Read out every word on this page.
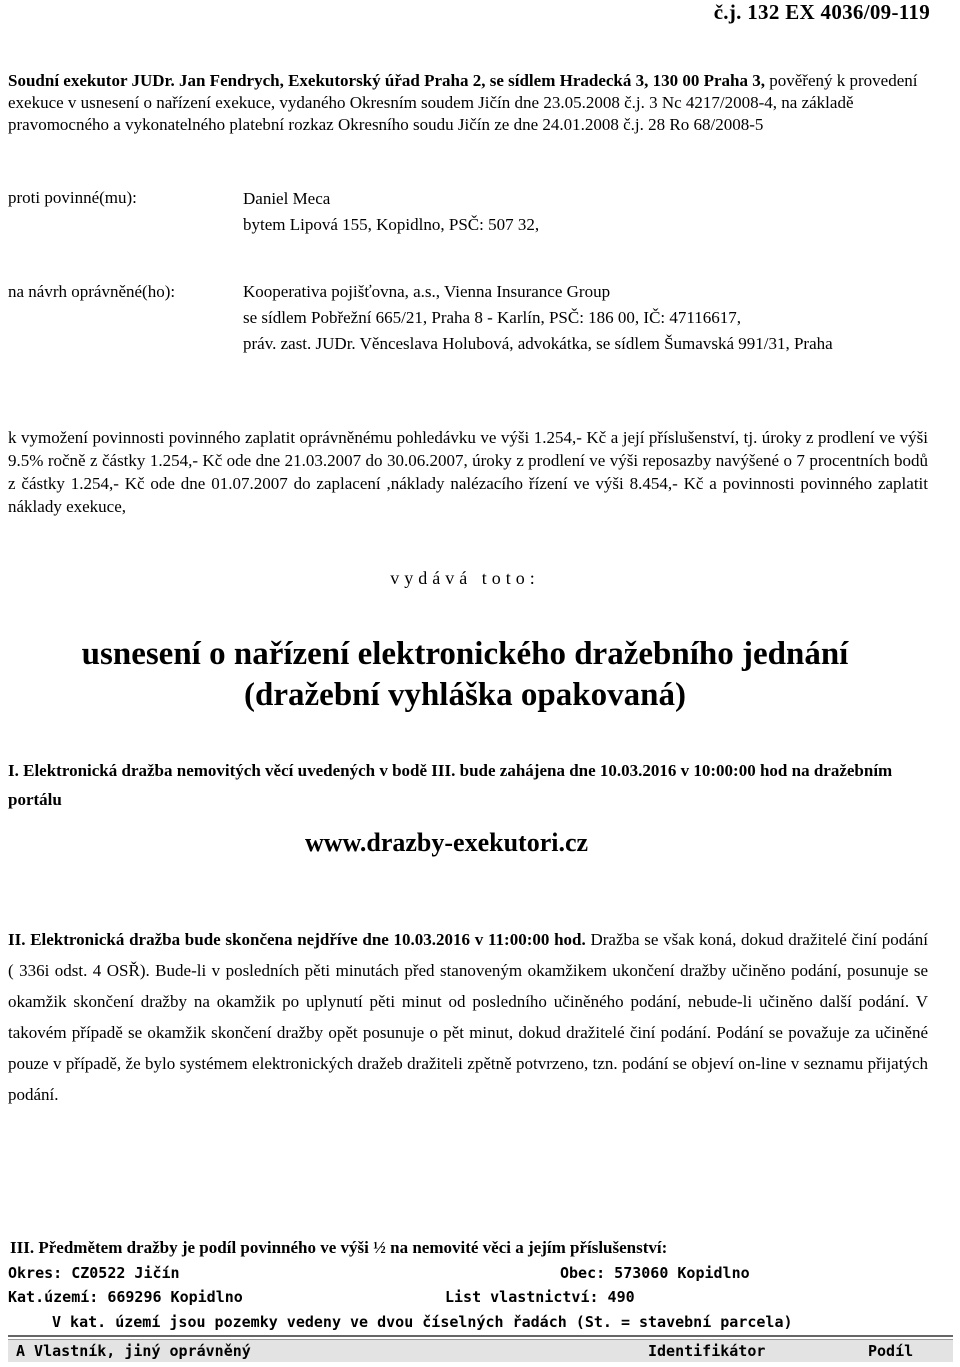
č.j. 132 EX 4036/09-119
Soudní exekutor JUDr. Jan Fendrych, Exekutorský úřad Praha 2, se sídlem Hradecká 3, 130 00 Praha 3, pověřený k provedení exekuce v usnesení o nařízení exekuce, vydaného Okresním soudem Jičín dne 23.05.2008 č.j. 3 Nc 4217/2008-4, na základě pravomocného a vykonatelného platební rozkaz Okresního soudu Jičín ze dne 24.01.2008 č.j. 28 Ro 68/2008-5
proti povinné(mu):	Daniel Meca
bytem Lipová 155, Kopidlno, PSČ: 507 32,
na návrh oprávněné(ho):	Kooperativa pojišťovna, a.s., Vienna Insurance Group
se sídlem Pobřežní 665/21, Praha 8 - Karlín, PSČ: 186 00, IČ: 47116617,
práv. zast. JUDr. Věnceslava Holubová, advokátka, se sídlem Šumavská 991/31, Praha
k vymožení povinnosti povinného zaplatit oprávněnému pohledávku ve výši 1.254,- Kč a její příslušenství, tj. úroky z prodlení ve výši 9.5% ročně z částky 1.254,- Kč ode dne 21.03.2007 do 30.06.2007, úroky z prodlení ve výši reposazby navýšené o 7 procentních bodů z částky 1.254,- Kč ode dne 01.07.2007 do zaplacení ,náklady nalézacího řízení ve výši 8.454,- Kč a povinnosti povinného zaplatit náklady exekuce,
vydává toto:
usnesení o nařízení elektronického dražebního jednání
(dražební vyhláška opakovaná)
I. Elektronická dražba nemovitých věcí uvedených v bodě III. bude zahájena dne 10.03.2016 v 10:00:00 hod na dražebním portálu
www.drazby-exekutori.cz
II. Elektronická dražba bude skončena nejdříve dne 10.03.2016 v 11:00:00 hod. Dražba se však koná, dokud dražitelé činí podání ( 336i odst. 4 OSŘ). Bude-li v posledních pěti minutách před stanoveným okamžikem ukončení dražby učiněno podání, posunuje se okamžik skončení dražby na okamžik po uplynutí pěti minut od posledního učiněného podání, nebude-li učiněno další podání. V takovém případě se okamžik skončení dražby opět posunuje o pět minut, dokud dražitelé činí podání. Podání se považuje za učiněné pouze v případě, že bylo systémem elektronických dražeb dražiteli zpětně potvrzeno, tzn. podání se objeví on-line v seznamu přijatých podání.
III. Předmětem dražby je podíl povinného ve výši ½ na nemovité věci a jejím příslušenství:
Okres: CZ0522 Jičín	Obec: 573060 Kopidlno
Kat.území: 669296 Kopidlno	List vlastnictví: 490
V kat. území jsou pozemky vedeny ve dvou číselných řadách (St. = stavební parcela)
A Vlastník, jiný oprávněný	Identifikátor	Podíl
